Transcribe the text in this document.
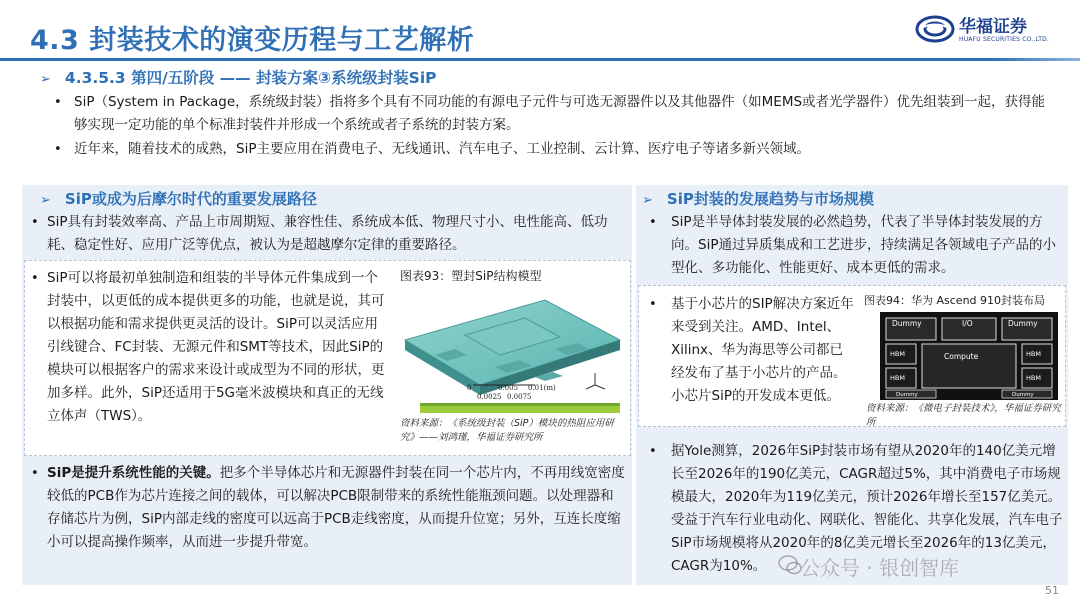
4.3 封装技术的演变历程与工艺解析	华福证券
HUAFU SECURITIES CO.,LTD.
➢ 4.3.5.3 第四/五阶段 —— 封装方案③系统级封装SiP
• SiP（System in Package，系统级封装）指将多个具有不同功能的有源电子元件与可选无源器件以及其他器件（如MEMS或者光学器件）优先组装到一起，获得能够实现一定功能的单个标准封装件并形成一个系统或者子系统的封装方案。
• 近年来，随着技术的成熟，SiP主要应用在消费电子、无线通讯、汽车电子、工业控制、云计算、医疗电子等诸多新兴领域。
➢ SiP或成为后摩尔时代的重要发展路径
• SiP具有封装效率高、产品上市周期短、兼容性佳、系统成本低、物理尺寸小、电性能高、低功耗、稳定性好、应用广泛等优点，被认为是超越摩尔定律的重要路径。
• SiP可以将最初单独制造和组装的半导体元件集成到一个封装中，以更低的成本提供更多的功能，也就是说，其可以根据功能和需求提供更灵活的设计。SiP可以灵活应用引线键合、FC封装、无源元件和SMT等技术，因此SiP的模块可以根据客户的需求来设计或成型为不同的形状，更加多样。此外，SiP还适用于5G毫米波模块和真正的无线立体声（TWS）。
图表93：塑封SiP结构模型
0	0.005 0.01(m)
0.0025 0.0075
资料来源：《系统级封装（SiP）模块的热阻应用研究》——刘鸿瑾，华福证券研究所
• SiP是提升系统性能的关键。把多个半导体芯片和无源器件封装在同一个芯片内，不再用线宽密度较低的PCB作为芯片连接之间的载体，可以解决PCB限制带来的系统性能瓶颈问题。以处理器和存储芯片为例，SiP内部走线的密度可以远高于PCB走线密度，从而提升位宽；另外，互连长度缩小可以提高操作频率，从而进一步提升带宽。
➢ SiP封装的发展趋势与市场规模
• SiP是半导体封装发展的必然趋势，代表了半导体封装发展的方向。SiP通过异质集成和工艺进步，持续满足各领域电子产品的小型化、多功能化、性能更好、成本更低的需求。
• 基于小芯片的SIP解决方案近年来受到关注。AMD、Intel、Xilinx、华为海思等公司都已经发布了基于小芯片的产品。小芯片SiP的开发成本更低。
图表94：华为 Ascend 910封装布局
Dummy	I/O	Dummy
HBM
HBM
Compute	HBM
HBM
Dummy	Dummy
资料来源：《微电子封装技术》，华福证券研究所
• 据Yole测算，2026年SiP封装市场有望从2020年的140亿美元增长至2026年的190亿美元，CAGR超过5%，其中消费电子市场规模最大，2020年为119亿美元，预计2026年增长至157亿美元。受益于汽车行业电动化、网联化、智能化、共享化发展，汽车电子SiP市场规模将从2020年的8亿美元增长至2026年的13亿美元，CAGR为10%。	公众号 · 银创智库
51
